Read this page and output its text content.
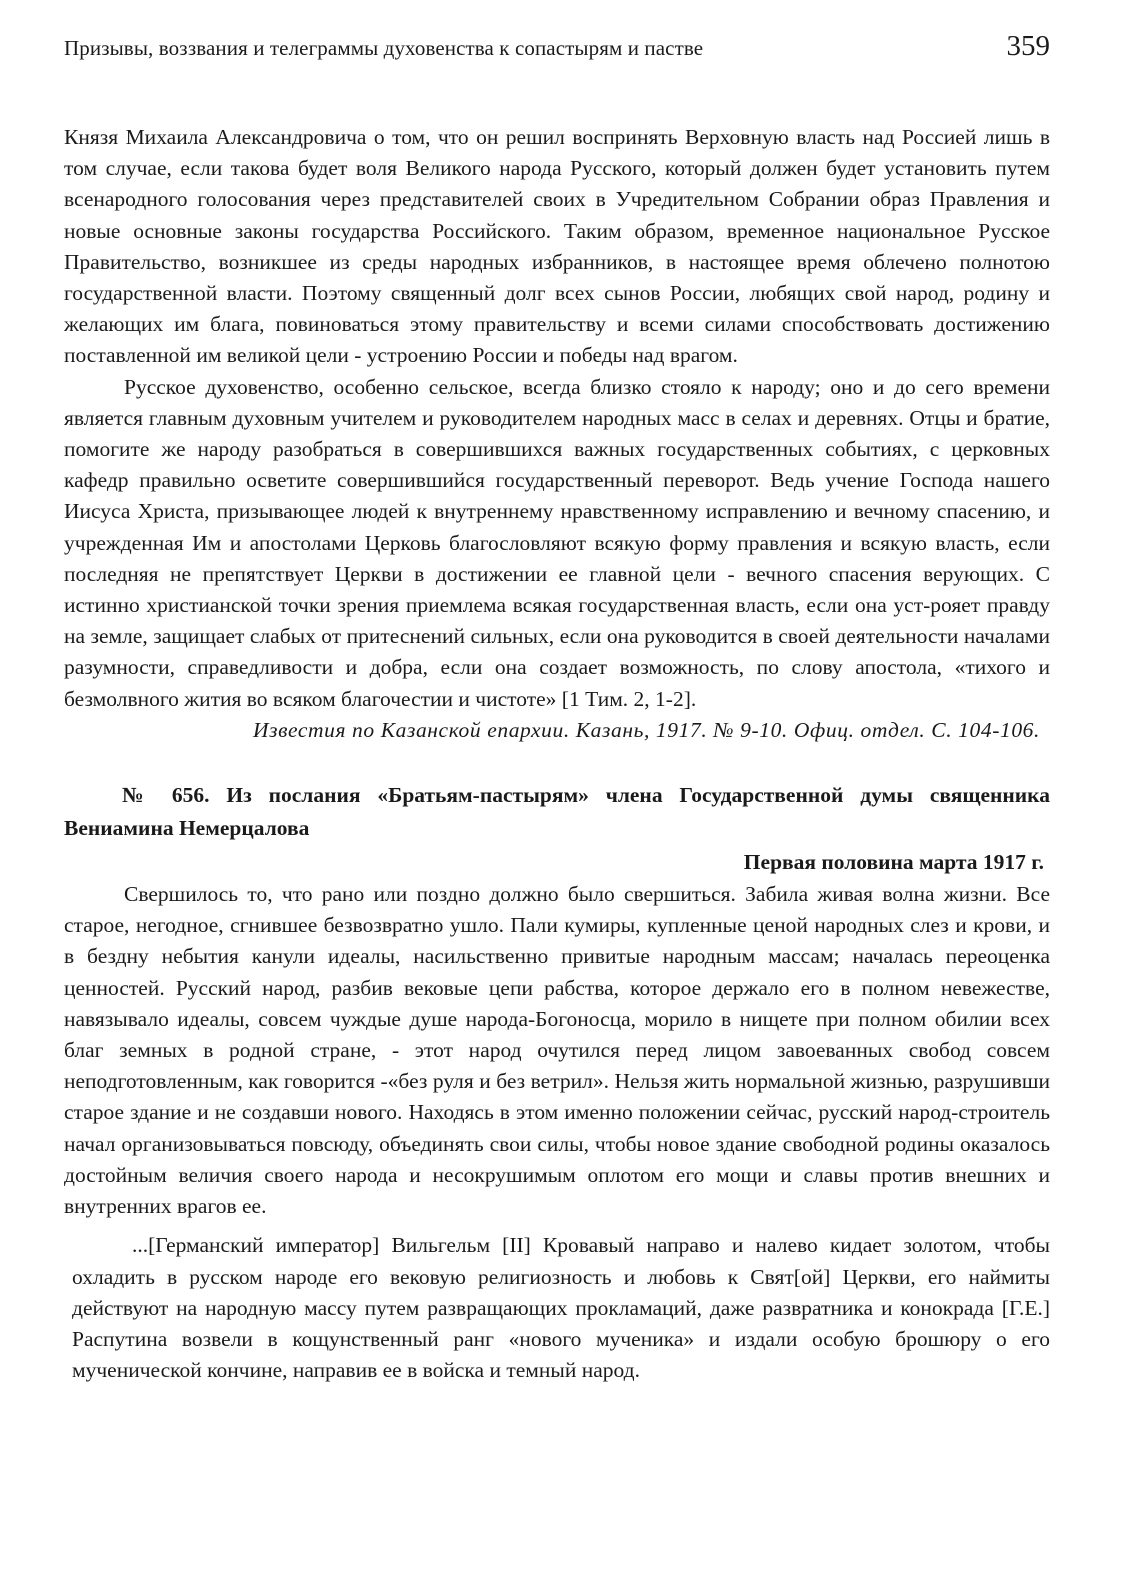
Призывы, воззвания и телеграммы духовенства к сопастырям и пастве	359

Князя Михаила Александровича о том, что он решил воспринять Верховную власть над Россией лишь в том случае, если такова будет воля Великого народа Русского, который должен будет установить путем всенародного голосования через представителей своих в Учредительном Собрании образ Правления и новые основные законы государства Российского. Таким образом, временное национальное Русское Правительство, возникшее из среды народных избранников, в настоящее время облечено полнотою государственной власти. Поэтому священный долг всех сынов России, любящих свой народ, родину и желающих им блага, повиноваться этому правительству и всеми силами способствовать достижению поставленной им великой цели - устроению России и победы над врагом.

Русское духовенство, особенно сельское, всегда близко стояло к народу; оно и до сего времени является главным духовным учителем и руководителем народных масс в селах и деревнях. Отцы и братие, помогите же народу разобраться в совершившихся важных государственных событиях, с церковных кафедр правильно осветите совершившийся государственный переворот. Ведь учение Господа нашего Иисуса Христа, призывающее людей к внутреннему нравственному исправлению и вечному спасению, и учрежденная Им и апостолами Церковь благословляют всякую форму правления и всякую власть, если последняя не препятствует Церкви в достижении ее главной цели - вечного спасения верующих. С истинно христианской точки зрения приемлема всякая государственная власть, если она уст-рояет правду на земле, защищает слабых от притеснений сильных, если она руководится в своей деятельности началами разумности, справедливости и добра, если она создает возможность, по слову апостола, «тихого и безмолвного жития во всяком благочестии и чистоте» [1 Тим. 2, 1-2].

Известия по Казанской епархии. Казань, 1917. № 9-10. Офиц. отдел. С. 104-106.
№ 656. Из послания «Братьям-пастырям» члена Государственной думы священника Вениамина Немерцалова
Первая половина марта 1917 г.

Свершилось то, что рано или поздно должно было свершиться. Забила живая волна жизни. Все старое, негодное, сгнившее безвозвратно ушло. Пали кумиры, купленные ценой народных слез и крови, и в бездну небытия канули идеалы, насильственно привитые народным массам; началась переоценка ценностей. Русский народ, разбив вековые цепи рабства, которое держало его в полном невежестве, навязывало идеалы, совсем чуждые душе народа-Богоносца, морило в нищете при полном обилии всех благ земных в родной стране, - этот народ очутился перед лицом завоеванных свобод совсем неподготовленным, как говорится -«без руля и без ветрил». Нельзя жить нормальной жизнью, разрушивши старое здание и не создавши нового. Находясь в этом именно положении сейчас, русский народ-строитель начал организовываться повсюду, объединять свои силы, чтобы новое здание свободной родины оказалось достойным величия своего народа и несокрушимым оплотом его мощи и славы против внешних и внутренних врагов ее.

...[Германский император] Вильгельм [II] Кровавый направо и налево кидает золотом, чтобы охладить в русском народе его вековую религиозность и любовь к Свят[ой] Церкви, его наймиты действуют на народную массу путем развращающих прокламаций, даже развратника и конокрада [Г.Е.] Распутина возвели в кощунственный ранг «нового мученика» и издали особую брошюру о его мученической кончине, направив ее в войска и темный народ.
